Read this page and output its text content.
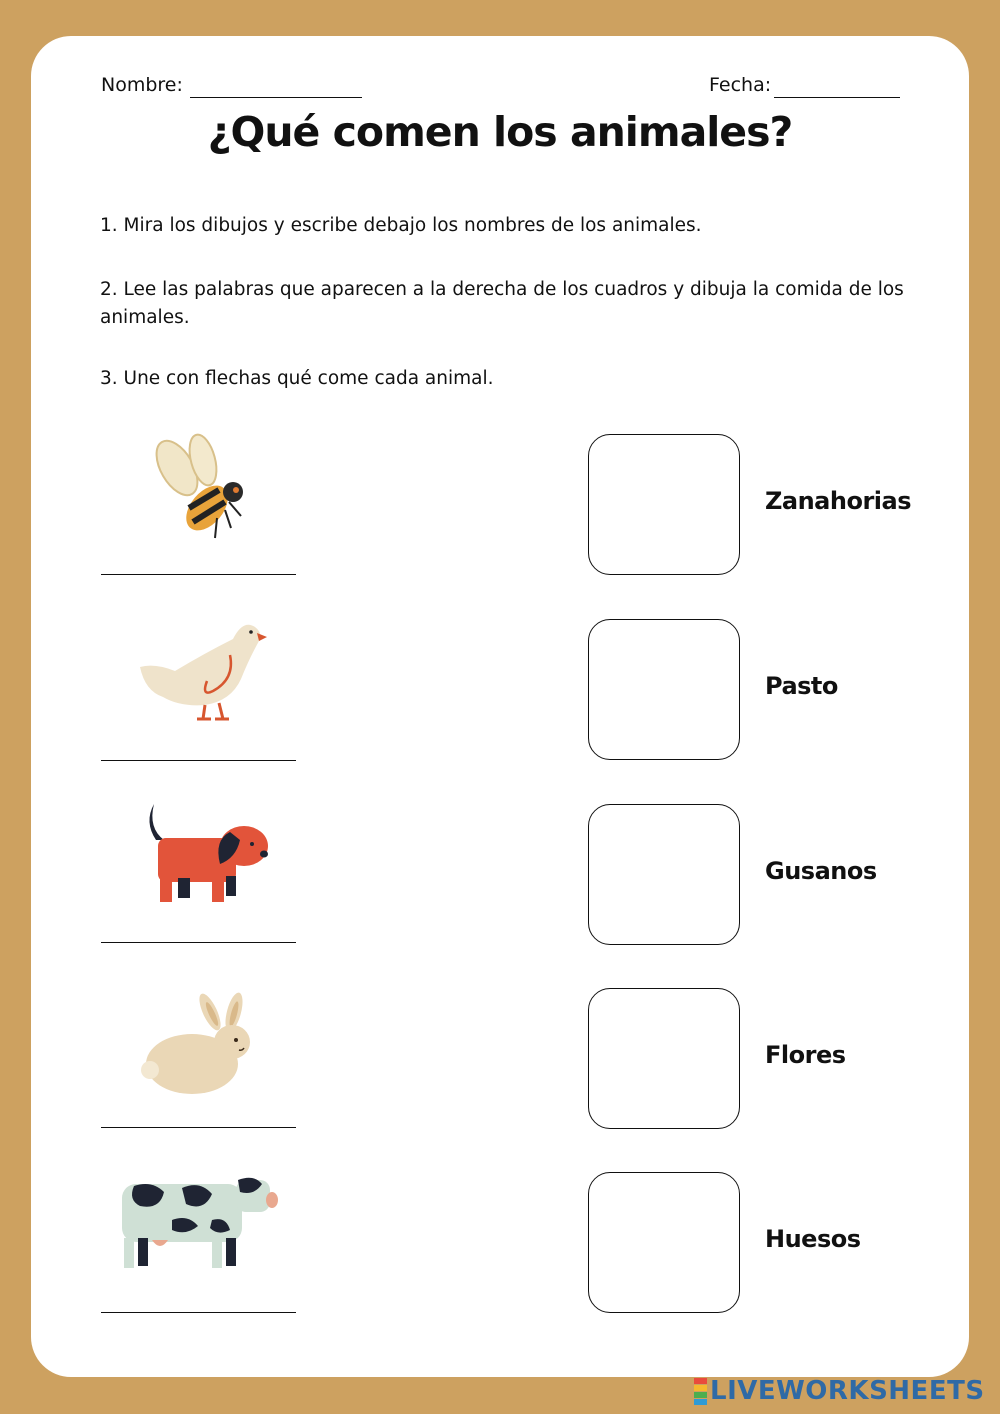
Nombre:	Fecha:
¿Qué comen los animales?
1. Mira los dibujos y escribe debajo los nombres de los animales.
2. Lee las palabras que aparecen a la derecha de los cuadros y dibuja la comida de los animales.
3. Une con flechas qué come cada animal.
Zanahorias
Pasto
Gusanos
Flores
Huesos
LIVEWORKSHEETS
